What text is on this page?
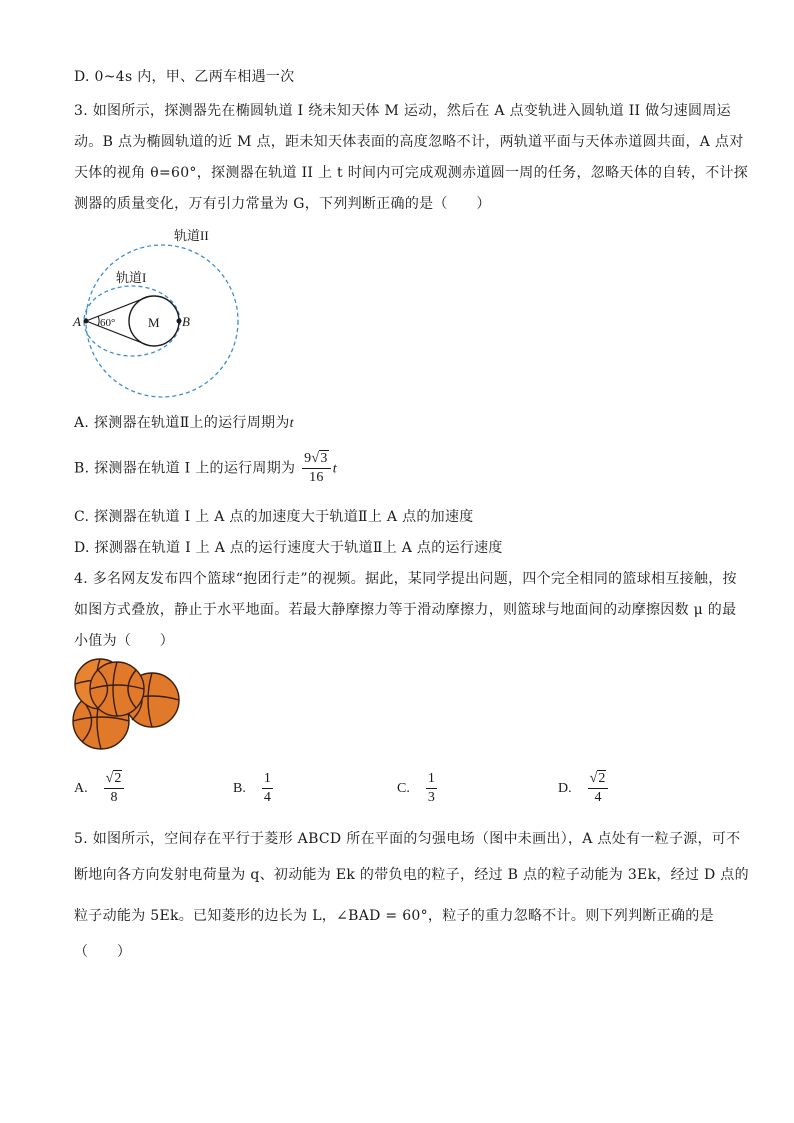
D. 0~4s 内，甲、乙两车相遇一次
3. 如图所示，探测器先在椭圆轨道 I 绕未知天体 M 运动，然后在 A 点变轨进入圆轨道 II 做匀速圆周运
动。B 点为椭圆轨道的近 M 点，距未知天体表面的高度忽略不计，两轨道平面与天体赤道圆共面，A 点对
天体的视角 θ=60°，探测器在轨道 II 上 t 时间内可完成观测赤道圆一周的任务，忽略天体的自转，不计探
测器的质量变化，万有引力常量为 G，下列判断正确的是（　　）
轨道II
轨道I
A	B
M
60°
A. 探测器在轨道Ⅱ上的运行周期为t
B. 探测器在轨道 I 上的运行周期为 $\frac{9√3}{16}$ t
C. 探测器在轨道 I 上 A 点的加速度大于轨道Ⅱ上 A 点的加速度
D. 探测器在轨道 I 上 A 点的运行速度大于轨道Ⅱ上 A 点的运行速度
4. 多名网友发布四个篮球“抱团行走”的视频。据此，某同学提出问题，四个完全相同的篮球相互接触，按
如图方式叠放，静止于水平地面。若最大静摩擦力等于滑动摩擦力，则篮球与地面间的动摩擦因数 μ 的最
小值为（　　）
A. $\frac{√2}{8}$	B. $\frac{1}{4}$	C. $\frac{1}{3}$	D. $\frac{√2}{4}$
5. 如图所示，空间存在平行于菱形 ABCD 所在平面的匀强电场（图中未画出），A 点处有一粒子源，可不
断地向各方向发射电荷量为 q、初动能为 Ek 的带负电的粒子，经过 B 点的粒子动能为 3Ek，经过 D 点的
粒子动能为 5Ek。已知菱形的边长为 L，∠BAD = 60°，粒子的重力忽略不计。则下列判断正确的是
（　　）
